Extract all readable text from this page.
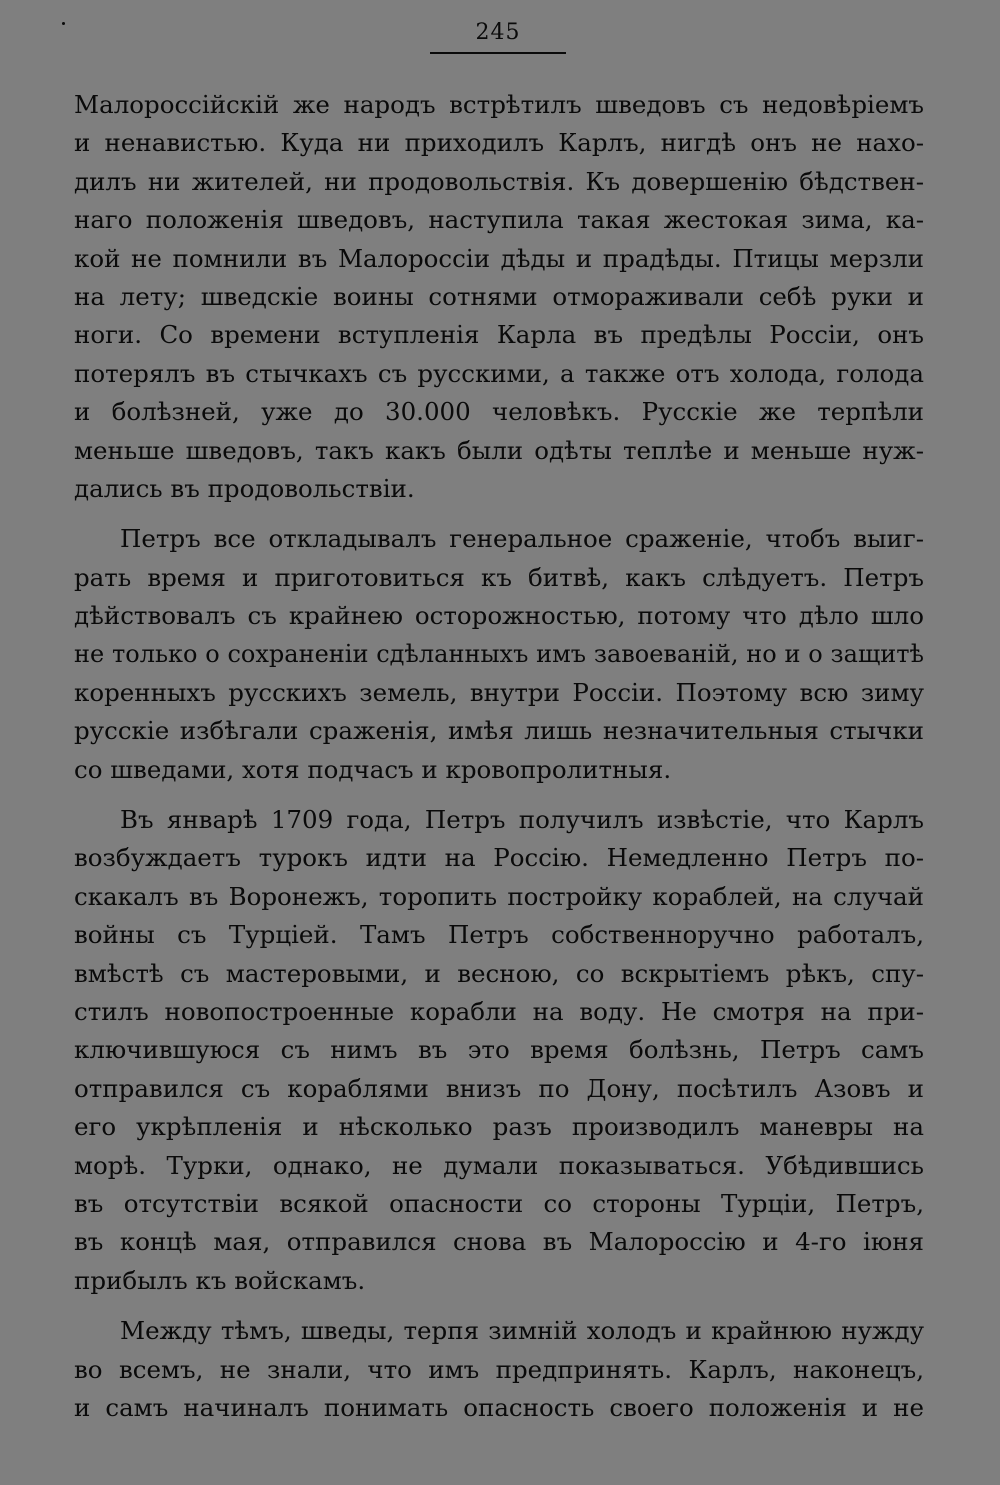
245
Малороссійскій же народъ встрѣтилъ шведовъ съ недовѣріемъ
и ненавистью. Куда ни приходилъ Карлъ, нигдѣ онъ не нахо-
дилъ ни жителей, ни продовольствія. Къ довершенію бѣдствен-
наго положенія шведовъ, наступила такая жестокая зима, ка-
кой не помнили въ Малороссіи дѣды и прадѣды. Птицы мерзли
на лету; шведскіе воины сотнями отмораживали себѣ руки и
ноги. Со времени вступленія Карла въ предѣлы Россіи, онъ
потерялъ въ стычкахъ съ русскими, а также отъ холода, голода
и болѣзней, уже до 30.000 человѣкъ. Русскіе же терпѣли
меньше шведовъ, такъ какъ были одѣты теплѣе и меньше нуж-
дались въ продовольствіи.
Петръ все откладывалъ генеральное сраженіе, чтобъ выиг-
рать время и приготовиться къ битвѣ, какъ слѣдуетъ. Петръ
дѣйствовалъ съ крайнею осторожностью, потому что дѣло шло
не только о сохраненіи сдѣланныхъ имъ завоеваній, но и о защитѣ
коренныхъ русскихъ земель, внутри Россіи. Поэтому всю зиму
русскіе избѣгали сраженія, имѣя лишь незначительныя стычки
со шведами, хотя подчасъ и кровопролитныя.
Въ январѣ 1709 года, Петръ получилъ извѣстіе, что Карлъ
возбуждаетъ турокъ идти на Россію. Немедленно Петръ по-
скакалъ въ Воронежъ, торопить постройку кораблей, на случай
войны съ Турціей. Тамъ Петръ собственноручно работалъ,
вмѣстѣ съ мастеровыми, и весною, со вскрытіемъ рѣкъ, спу-
стилъ новопостроенные корабли на воду. Не смотря на при-
ключившуюся съ нимъ въ это время болѣзнь, Петръ самъ
отправился съ кораблями внизъ по Дону, посѣтилъ Азовъ и
его укрѣпленія и нѣсколько разъ производилъ маневры на
морѣ. Турки, однако, не думали показываться. Убѣдившись
въ отсутствіи всякой опасности со стороны Турціи, Петръ,
въ концѣ мая, отправился снова въ Малороссію и 4-го іюня
прибылъ къ войскамъ.
Между тѣмъ, шведы, терпя зимній холодъ и крайнюю нужду
во всемъ, не знали, что имъ предпринять. Карлъ, наконецъ,
и самъ начиналъ понимать опасность своего положенія и не
